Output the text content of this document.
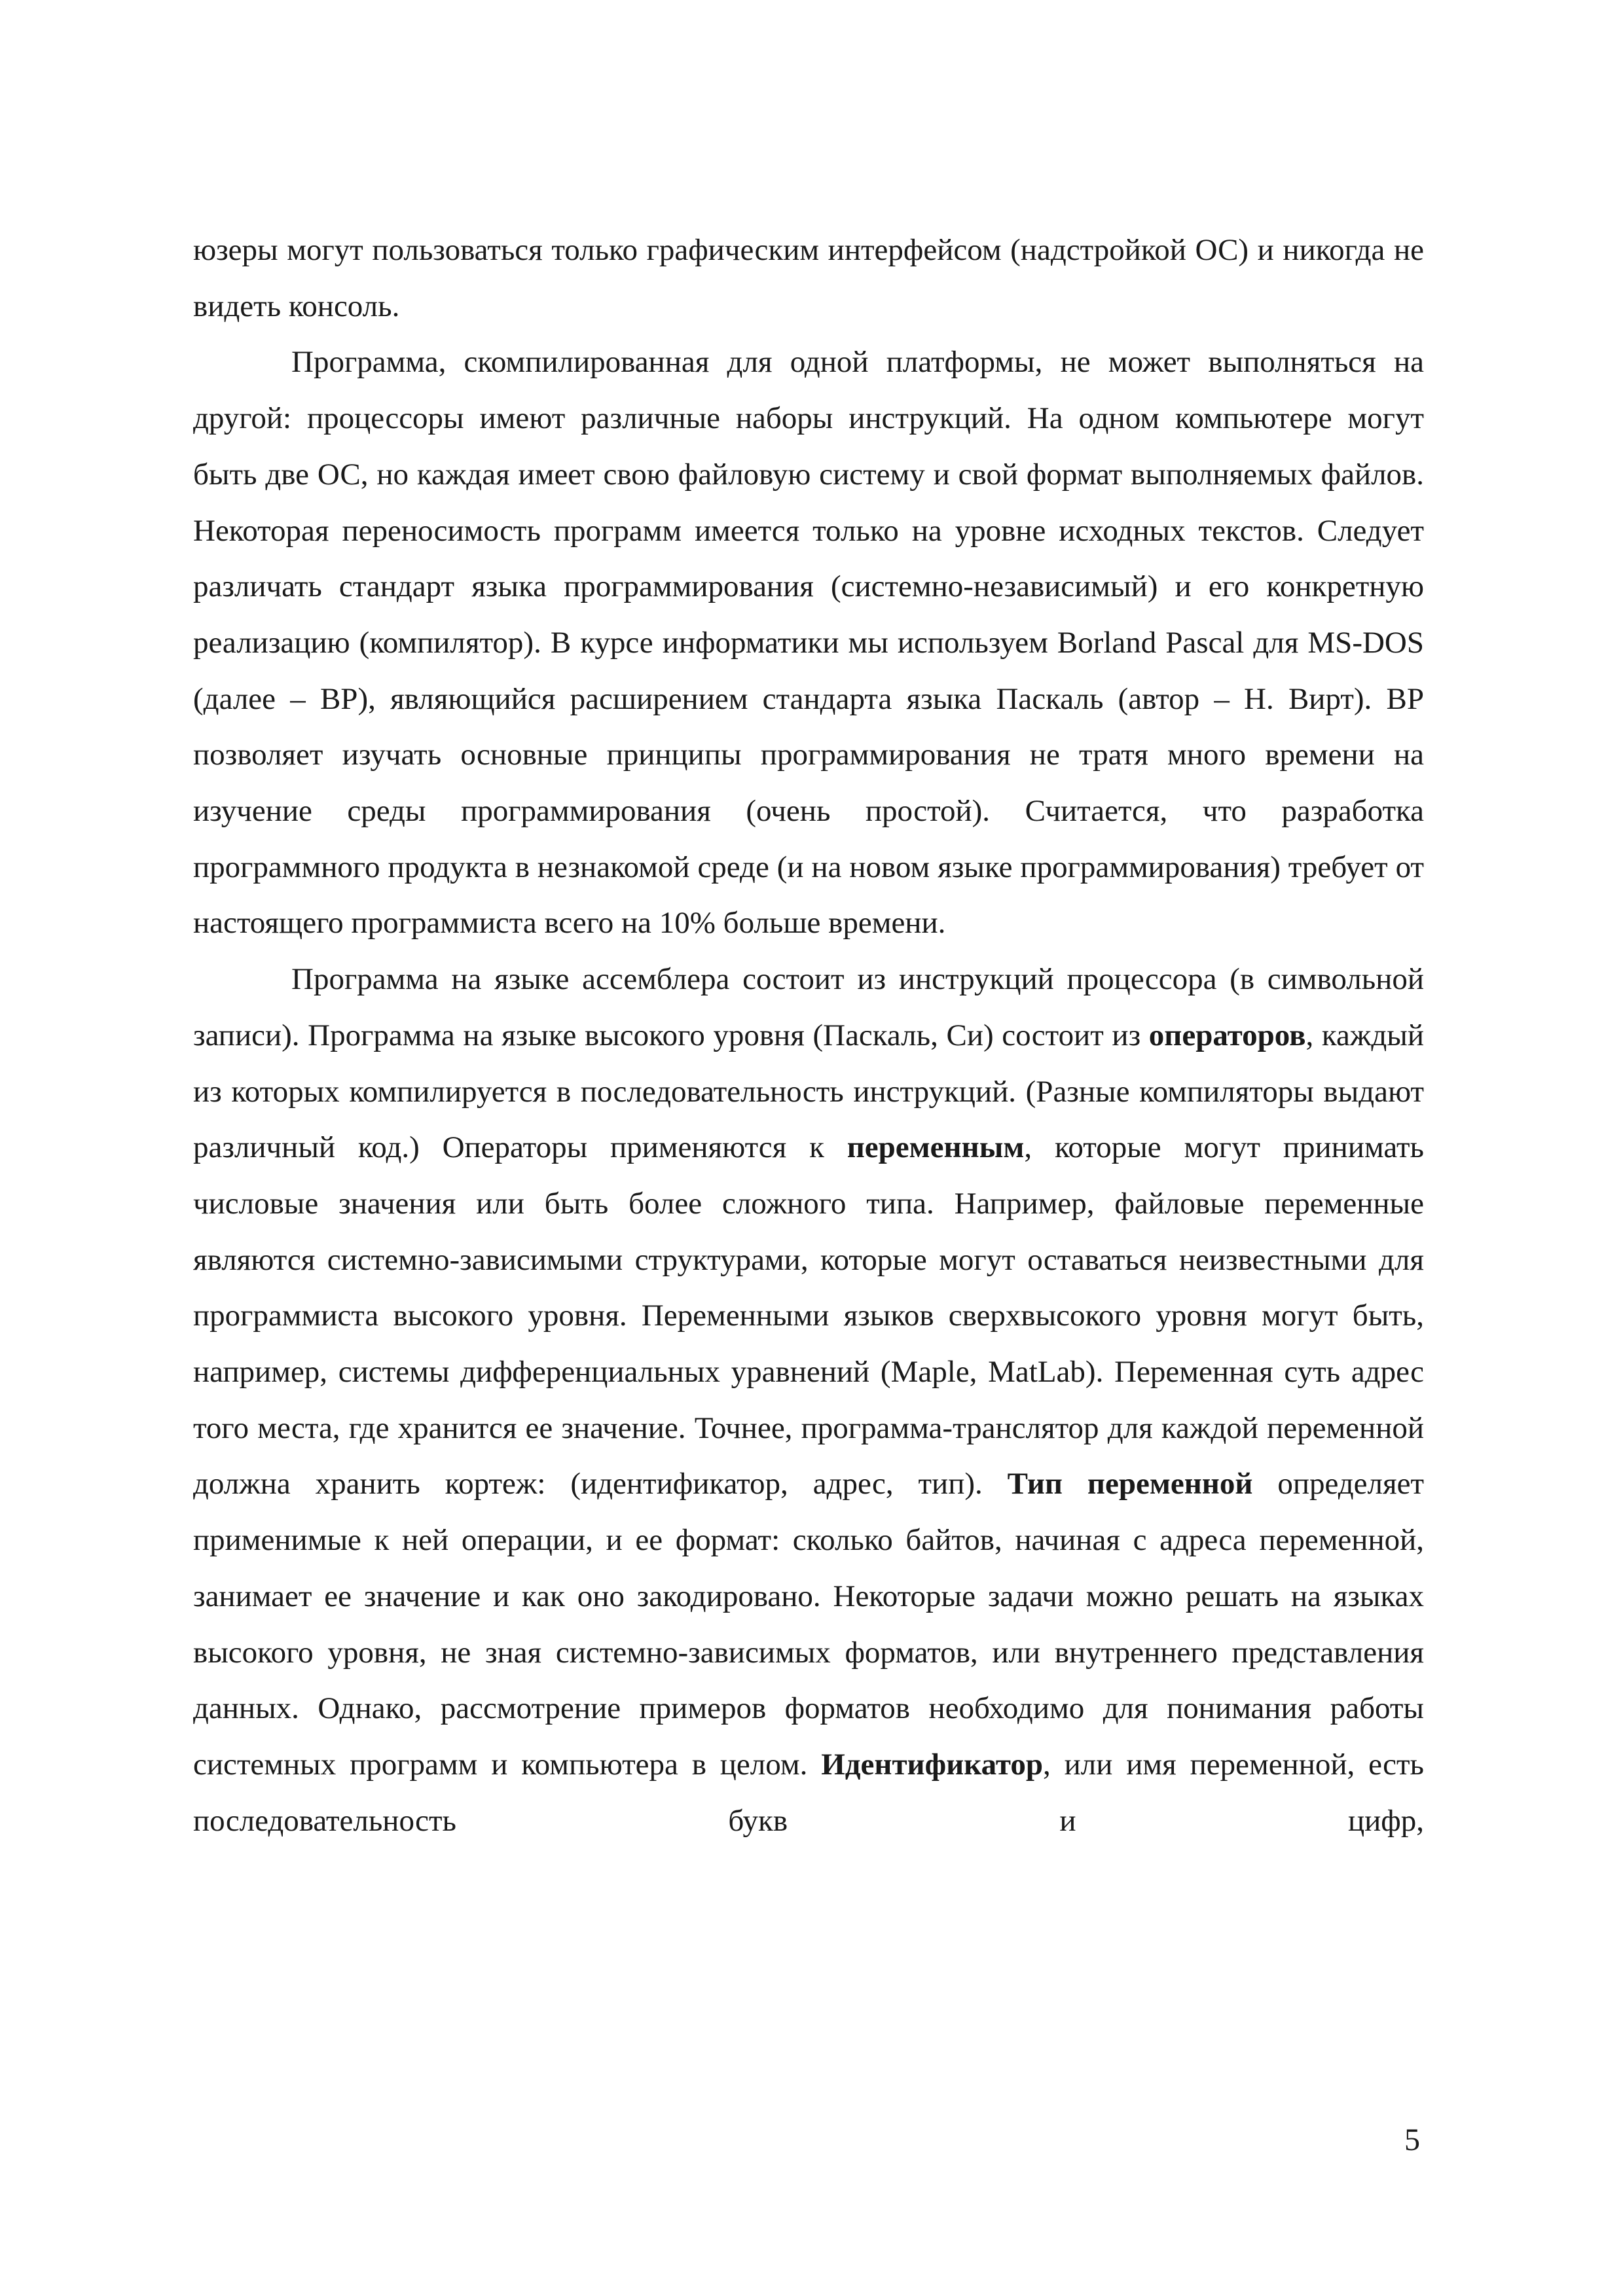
юзеры могут пользоваться только графическим интерфейсом (надстройкой ОС) и никогда не видеть консоль.

Программа, скомпилированная для одной платформы, не может выполняться на другой: процессоры имеют различные наборы инструкций. На одном компьютере могут быть две ОС, но каждая имеет свою файловую систему и свой формат выполняемых файлов. Некоторая переносимость программ имеется только на уровне исходных текстов. Следует различать стандарт языка программирования (системно-независимый) и его конкретную реализацию (компилятор). В курсе информатики мы используем Borland Pascal для MS-DOS (далее – BP), являющийся расширением стандарта языка Паскаль (автор – Н. Вирт). BP позволяет изучать основные принципы программирования не тратя много времени на изучение среды программирования (очень простой). Считается, что разработка программного продукта в незнакомой среде (и на новом языке программирования) требует от настоящего программиста всего на 10% больше времени.

Программа на языке ассемблера состоит из инструкций процессора (в символьной записи). Программа на языке высокого уровня (Паскаль, Си) состоит из операторов, каждый из которых компилируется в последовательность инструкций. (Разные компиляторы выдают различный код.) Операторы применяются к переменным, которые могут принимать числовые значения или быть более сложного типа. Например, файловые переменные являются системно-зависимыми структурами, которые могут оставаться неизвестными для программиста высокого уровня. Переменными языков сверхвысокого уровня могут быть, например, системы дифференциальных уравнений (Maple, MatLab). Переменная суть адрес того места, где хранится ее значение. Точнее, программа-транслятор для каждой переменной должна хранить кортеж: (идентификатор, адрес, тип). Тип переменной определяет применимые к ней операции, и ее формат: сколько байтов, начиная с адреса переменной, занимает ее значение и как оно закодировано. Некоторые задачи можно решать на языках высокого уровня, не зная системно-зависимых форматов, или внутреннего представления данных. Однако, рассмотрение примеров форматов необходимо для понимания работы системных программ и компьютера в целом. Идентификатор, или имя переменной, есть последовательность букв и цифр,

5
